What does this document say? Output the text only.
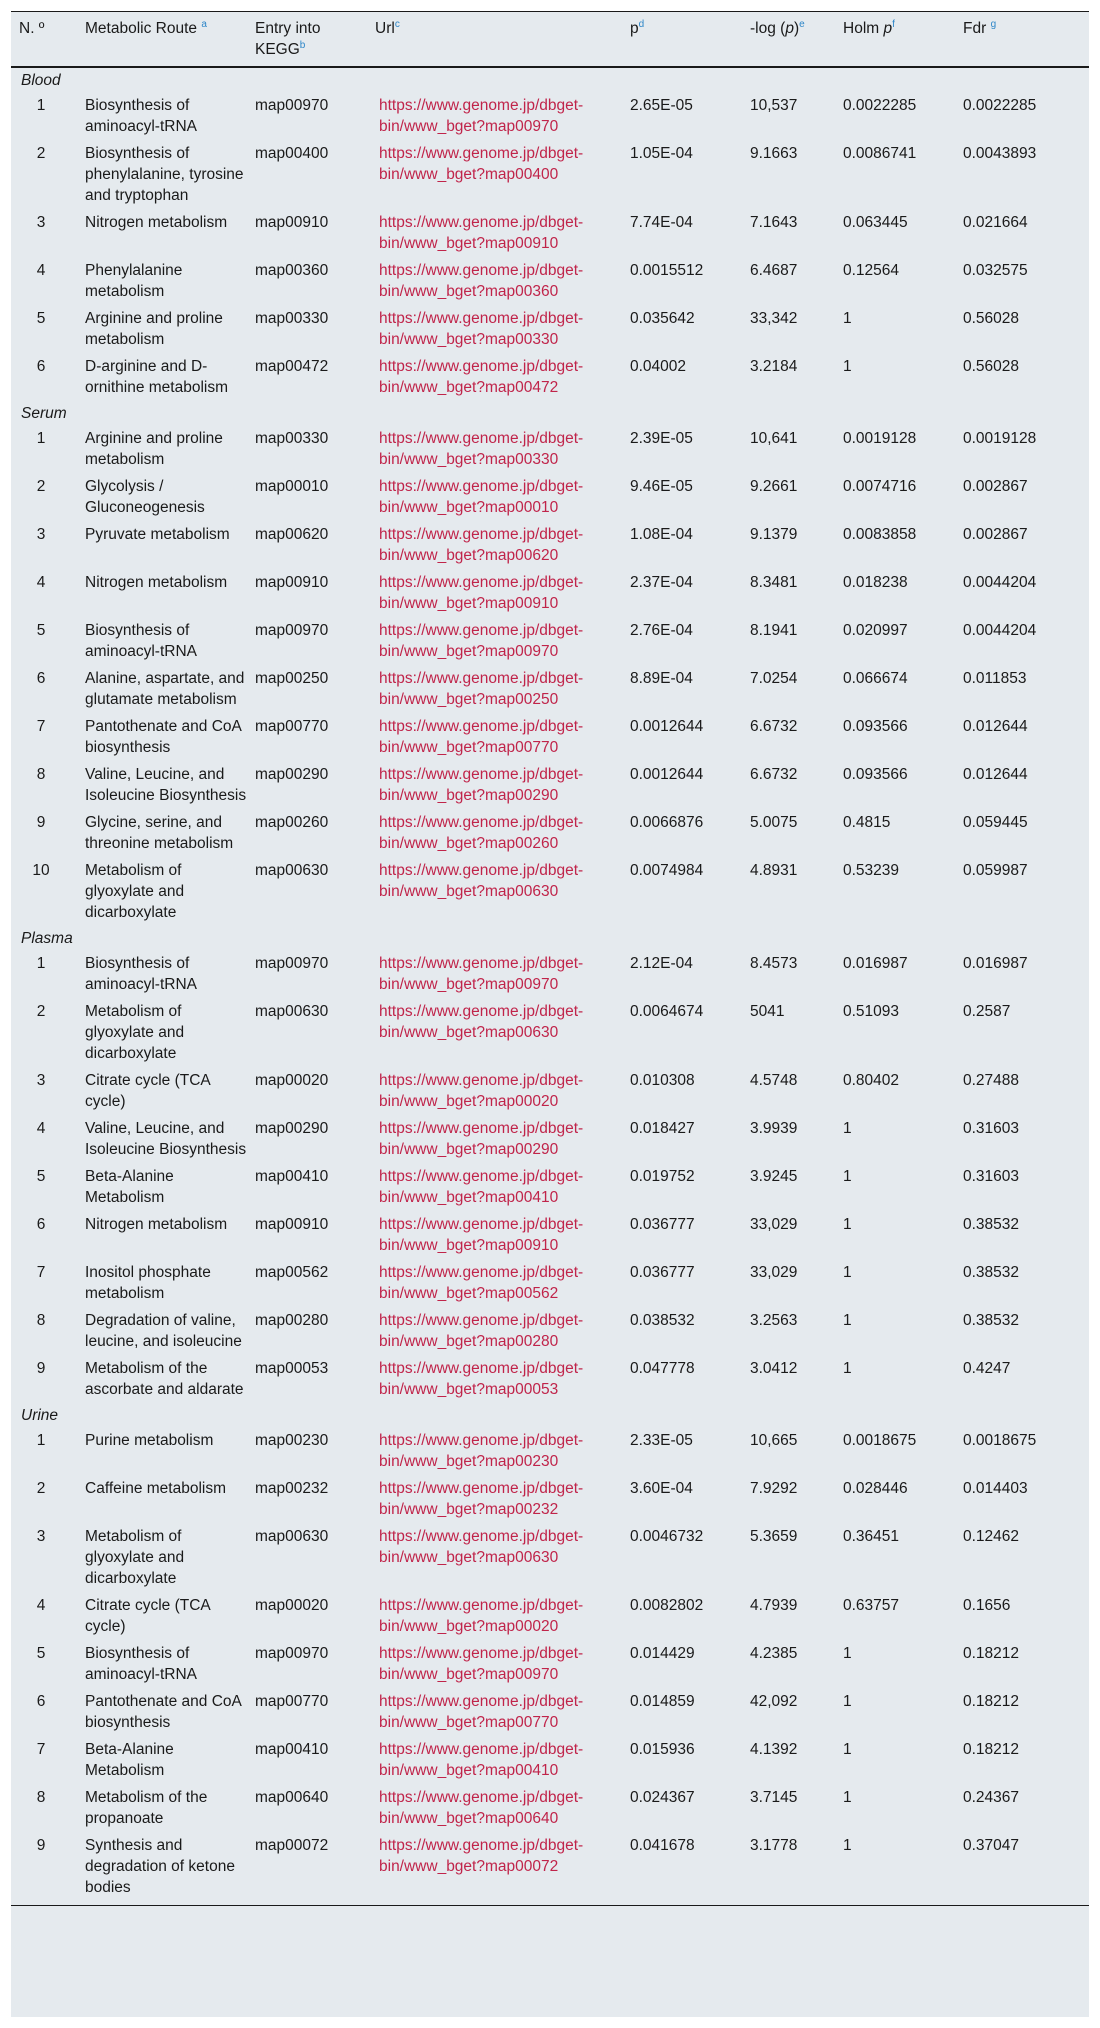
N. º	Metabolic Route $^a$	Entry into KEGG$^b$	Url$^c$	$p^d$	-log $(p)^e$	Holm $p^f$	Fdr $^g$
Blood							
1	Biosynthesis of aminoacyl-tRNA	map00970	https://www.genome.jp/dbget-bin/www_bget?map00970	2.65E-05	10,537	0.0022285	0.0022285
2	Biosynthesis of phenylalanine, tyrosine and tryptophan	map00400	https://www.genome.jp/dbget-bin/www_bget?map00400	1.05E-04	9.1663	0.0086741	0.0043893
3	Nitrogen metabolism	map00910	https://www.genome.jp/dbget-bin/www_bget?map00910	7.74E-04	7.1643	0.063445	0.021664
4	Phenylalanine metabolism	map00360	https://www.genome.jp/dbget-bin/www_bget?map00360	0.0015512	6.4687	0.12564	0.032575
5	Arginine and proline metabolism	map00330	https://www.genome.jp/dbget-bin/www_bget?map00330	0.035642	33,342	1	0.56028
6	D-arginine and D-ornithine metabolism	map00472	https://www.genome.jp/dbget-bin/www_bget?map00472	0.04002	3.2184	1	0.56028
Serum							
1	Arginine and proline metabolism	map00330	https://www.genome.jp/dbget-bin/www_bget?map00330	2.39E-05	10,641	0.0019128	0.0019128
2	Glycolysis / Gluconeogenesis	map00010	https://www.genome.jp/dbget-bin/www_bget?map00010	9.46E-05	9.2661	0.0074716	0.002867
3	Pyruvate metabolism	map00620	https://www.genome.jp/dbget-bin/www_bget?map00620	1.08E-04	9.1379	0.0083858	0.002867
4	Nitrogen metabolism	map00910	https://www.genome.jp/dbget-bin/www_bget?map00910	2.37E-04	8.3481	0.018238	0.0044204
5	Biosynthesis of aminoacyl-tRNA	map00970	https://www.genome.jp/dbget-bin/www_bget?map00970	2.76E-04	8.1941	0.020997	0.0044204
6	Alanine, aspartate, and glutamate metabolism	map00250	https://www.genome.jp/dbget-bin/www_bget?map00250	8.89E-04	7.0254	0.066674	0.011853
7	Pantothenate and CoA biosynthesis	map00770	https://www.genome.jp/dbget-bin/www_bget?map00770	0.0012644	6.6732	0.093566	0.012644
8	Valine, Leucine, and Isoleucine Biosynthesis	map00290	https://www.genome.jp/dbget-bin/www_bget?map00290	0.0012644	6.6732	0.093566	0.012644
9	Glycine, serine, and threonine metabolism	map00260	https://www.genome.jp/dbget-bin/www_bget?map00260	0.0066876	5.0075	0.4815	0.059445
10	Metabolism of glyoxylate and dicarboxylate	map00630	https://www.genome.jp/dbget-bin/www_bget?map00630	0.0074984	4.8931	0.53239	0.059987
Plasma							
1	Biosynthesis of aminoacyl-tRNA	map00970	https://www.genome.jp/dbget-bin/www_bget?map00970	2.12E-04	8.4573	0.016987	0.016987
2	Metabolism of glyoxylate and dicarboxylate	map00630	https://www.genome.jp/dbget-bin/www_bget?map00630	0.0064674	5041	0.51093	0.2587
3	Citrate cycle (TCA cycle)	map00020	https://www.genome.jp/dbget-bin/www_bget?map00020	0.010308	4.5748	0.80402	0.27488
4	Valine, Leucine, and Isoleucine Biosynthesis	map00290	https://www.genome.jp/dbget-bin/www_bget?map00290	0.018427	3.9939	1	0.31603
5	Beta-Alanine Metabolism	map00410	https://www.genome.jp/dbget-bin/www_bget?map00410	0.019752	3.9245	1	0.31603
6	Nitrogen metabolism	map00910	https://www.genome.jp/dbget-bin/www_bget?map00910	0.036777	33,029	1	0.38532
7	Inositol phosphate metabolism	map00562	https://www.genome.jp/dbget-bin/www_bget?map00562	0.036777	33,029	1	0.38532
8	Degradation of valine, leucine, and isoleucine	map00280	https://www.genome.jp/dbget-bin/www_bget?map00280	0.038532	3.2563	1	0.38532
9	Metabolism of the ascorbate and aldarate	map00053	https://www.genome.jp/dbget-bin/www_bget?map00053	0.047778	3.0412	1	0.4247
Urine							
1	Purine metabolism	map00230	https://www.genome.jp/dbget-bin/www_bget?map00230	2.33E-05	10,665	0.0018675	0.0018675
2	Caffeine metabolism	map00232	https://www.genome.jp/dbget-bin/www_bget?map00232	3.60E-04	7.9292	0.028446	0.014403
3	Metabolism of glyoxylate and dicarboxylate	map00630	https://www.genome.jp/dbget-bin/www_bget?map00630	0.0046732	5.3659	0.36451	0.12462
4	Citrate cycle (TCA cycle)	map00020	https://www.genome.jp/dbget-bin/www_bget?map00020	0.0082802	4.7939	0.63757	0.1656
5	Biosynthesis of aminoacyl-tRNA	map00970	https://www.genome.jp/dbget-bin/www_bget?map00970	0.014429	4.2385	1	0.18212
6	Pantothenate and CoA biosynthesis	map00770	https://www.genome.jp/dbget-bin/www_bget?map00770	0.014859	42,092	1	0.18212
7	Beta-Alanine Metabolism	map00410	https://www.genome.jp/dbget-bin/www_bget?map00410	0.015936	4.1392	1	0.18212
8	Metabolism of the propanoate	map00640	https://www.genome.jp/dbget-bin/www_bget?map00640	0.024367	3.7145	1	0.24367
9	Synthesis and degradation of ketone bodies	map00072	https://www.genome.jp/dbget-bin/www_bget?map00072	0.041678	3.1778	1	0.37047
